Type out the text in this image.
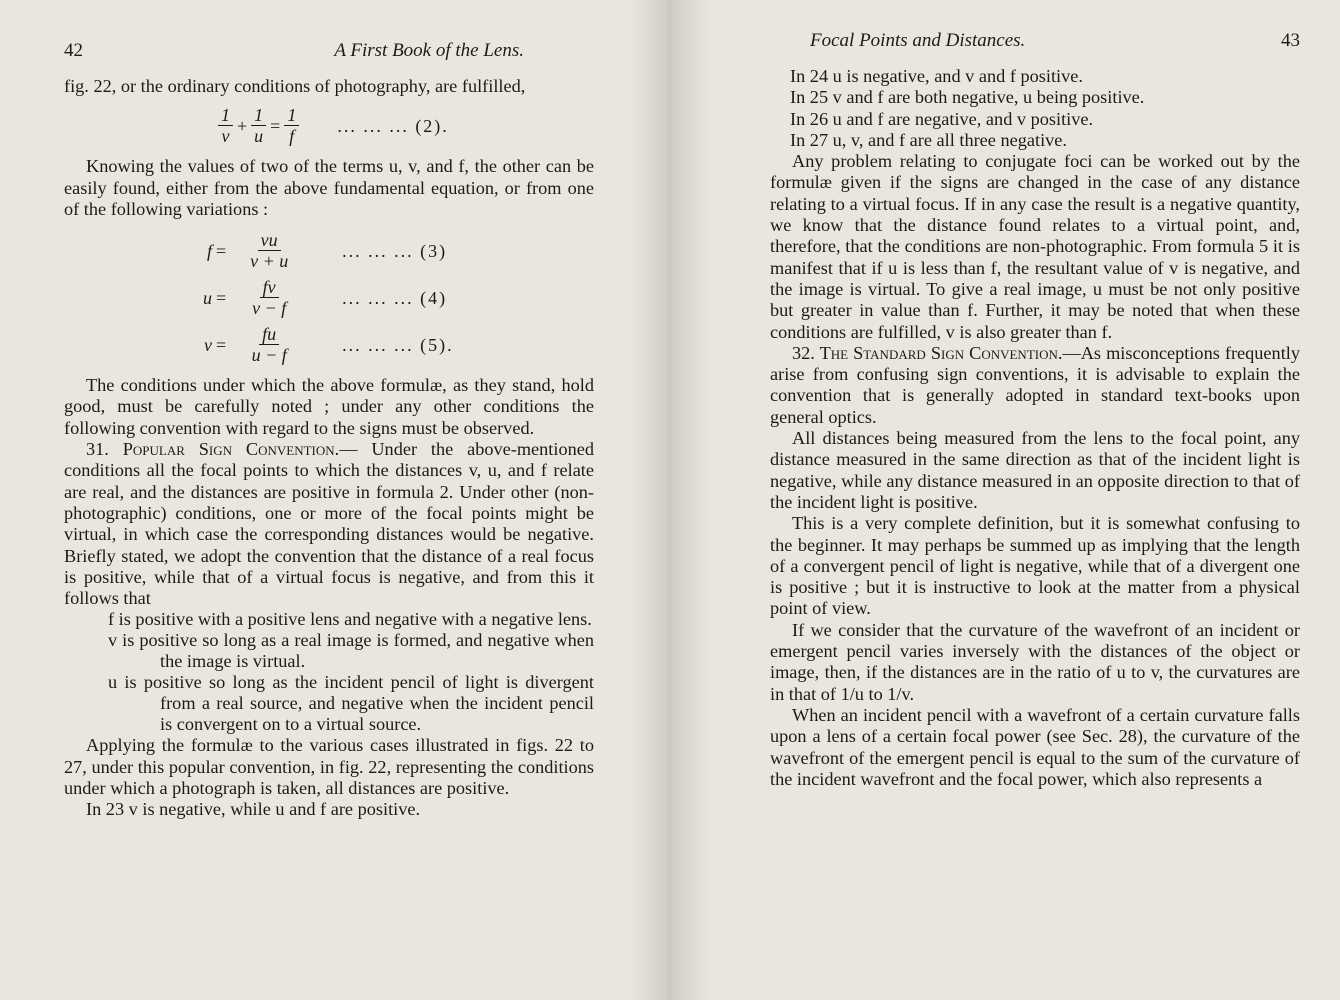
42	A First Book of the Lens.

fig. 22, or the ordinary conditions of photography, are fulfilled,

$\frac{1}{v} + \frac{1}{u} = \frac{1}{f}$ ... ... ... (2).

Knowing the values of two of the terms u, v, and f, the other can be easily found, either from the above fundamental equation, or from one of the following variations :

$f = \frac{vu}{v + u}$ ... ... ... (3)
$u = \frac{fv}{v - f}$ ... ... ... (4)
$v = \frac{fu}{u - f}$ ... ... ... (5).

The conditions under which the above formulæ, as they stand, hold good, must be carefully noted ; under any other conditions the following convention with regard to the signs must be observed.

31. Popular Sign Convention.— Under the above-mentioned conditions all the focal points to which the distances v, u, and f relate are real, and the distances are positive in formula 2. Under other (non-photographic) conditions, one or more of the focal points might be virtual, in which case the corresponding distances would be negative. Briefly stated, we adopt the convention that the distance of a real focus is positive, while that of a virtual focus is negative, and from this it follows that

f is positive with a positive lens and negative with a negative lens.

v is positive so long as a real image is formed, and negative when the image is virtual.

u is positive so long as the incident pencil of light is divergent from a real source, and negative when the incident pencil is convergent on to a virtual source.

Applying the formulæ to the various cases illustrated in figs. 22 to 27, under this popular convention, in fig. 22, representing the conditions under which a photograph is taken, all distances are positive.

In 23 v is negative, while u and f are positive.

Focal Points and Distances.	43

In 24 u is negative, and v and f positive.

In 25 v and f are both negative, u being positive.

In 26 u and f are negative, and v positive.

In 27 u, v, and f are all three negative.

Any problem relating to conjugate foci can be worked out by the formulæ given if the signs are changed in the case of any distance relating to a virtual focus. If in any case the result is a negative quantity, we know that the distance found relates to a virtual point, and, therefore, that the conditions are non-photographic. From formula 5 it is manifest that if u is less than f, the resultant value of v is negative, and the image is virtual. To give a real image, u must be not only positive but greater in value than f. Further, it may be noted that when these conditions are fulfilled, v is also greater than f.

32. The Standard Sign Convention.—As misconceptions frequently arise from confusing sign conventions, it is advisable to explain the convention that is generally adopted in standard text-books upon general optics.

All distances being measured from the lens to the focal point, any distance measured in the same direction as that of the incident light is negative, while any distance measured in an opposite direction to that of the incident light is positive.

This is a very complete definition, but it is somewhat confusing to the beginner. It may perhaps be summed up as implying that the length of a convergent pencil of light is negative, while that of a divergent one is positive ; but it is instructive to look at the matter from a physical point of view.

If we consider that the curvature of the wavefront of an incident or emergent pencil varies inversely with the distances of the object or image, then, if the distances are in the ratio of u to v, the curvatures are in that of 1/u to 1/v.

When an incident pencil with a wavefront of a certain curvature falls upon a lens of a certain focal power (see Sec. 28), the curvature of the wavefront of the emergent pencil is equal to the sum of the curvature of the incident wavefront and the focal power, which also represents a
